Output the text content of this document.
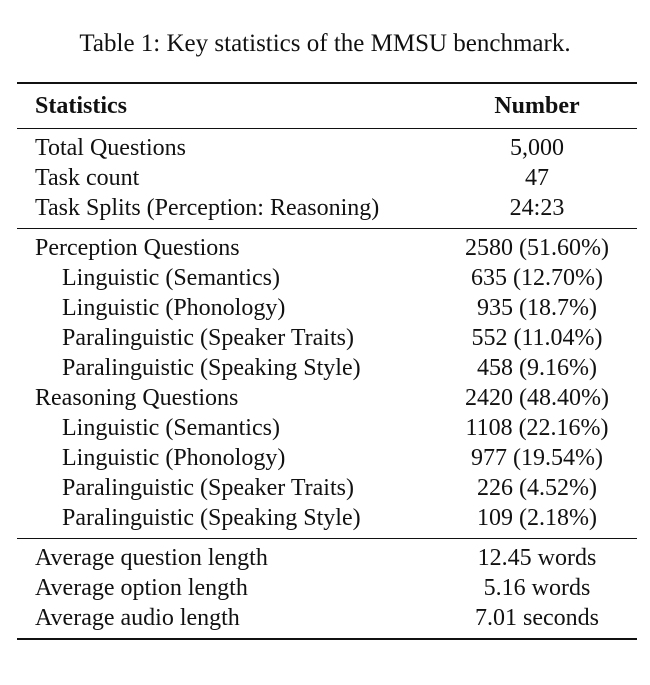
Table 1: Key statistics of the MMSU benchmark.
Statistics	Number
Total Questions	5,000
Task count	47
Task Splits (Perception: Reasoning)	24:23
Perception Questions	2580 (51.60%)
Linguistic (Semantics)	635 (12.70%)
Linguistic (Phonology)	935 (18.7%)
Paralinguistic (Speaker Traits)	552 (11.04%)
Paralinguistic (Speaking Style)	458 (9.16%)
Reasoning Questions	2420 (48.40%)
Linguistic (Semantics)	1108 (22.16%)
Linguistic (Phonology)	977 (19.54%)
Paralinguistic (Speaker Traits)	226 (4.52%)
Paralinguistic (Speaking Style)	109 (2.18%)
Average question length	12.45 words
Average option length	5.16 words
Average audio length	7.01 seconds
